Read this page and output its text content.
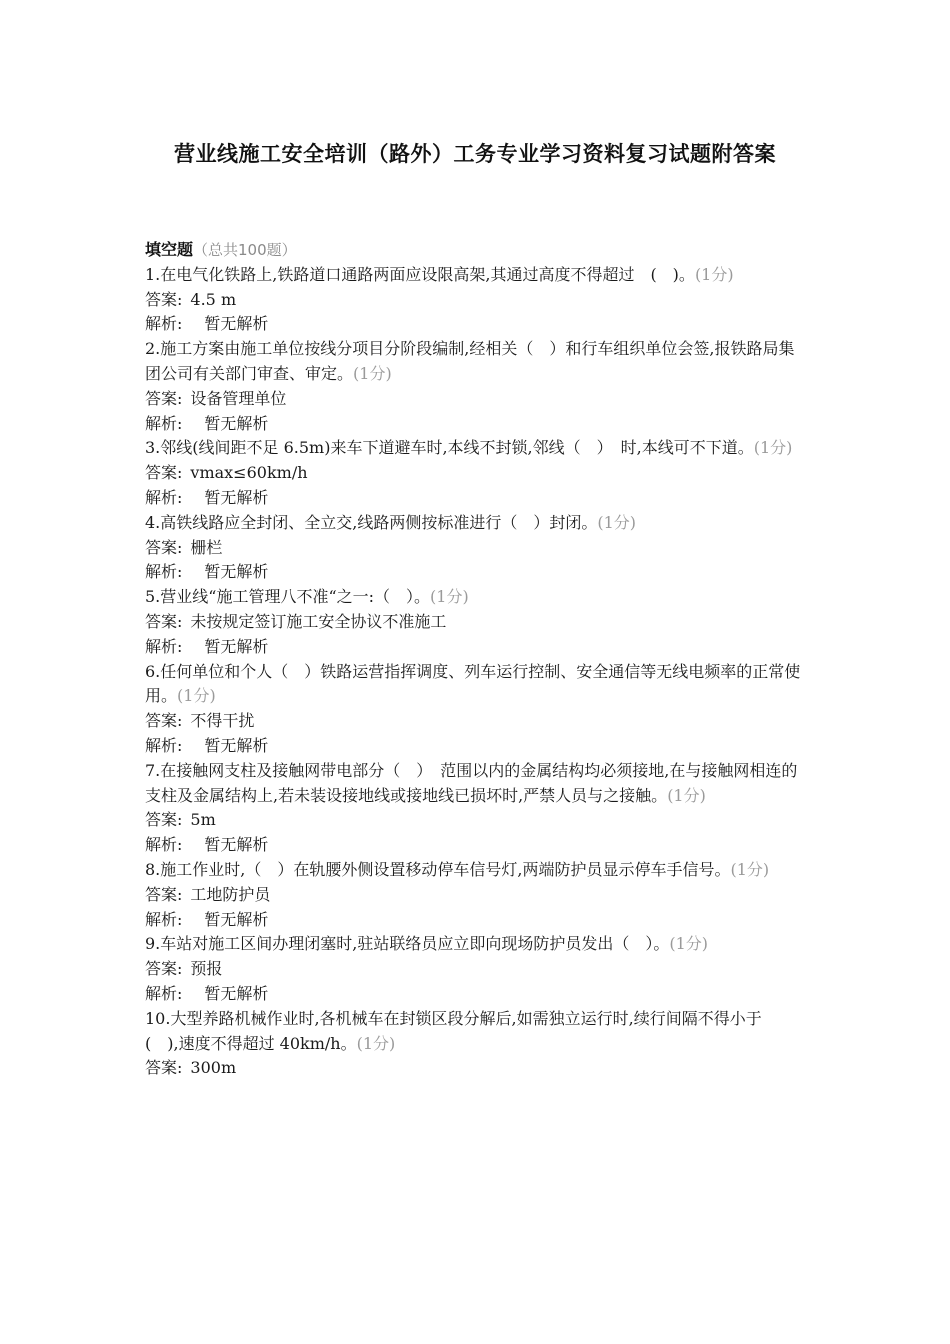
营业线施工安全培训（路外）工务专业学习资料复习试题附答案
填空题（总共100题）
1.在电气化铁路上,铁路道口通路两面应设限高架,其通过高度不得超过　(　)。(1分)
答案: 4.5 m
解析: 暂无解析
2.施工方案由施工单位按线分项目分阶段编制,经相关（　）和行车组织单位会签,报铁路局集团公司有关部门审查、审定。(1分)
答案: 设备管理单位
解析: 暂无解析
3.邻线(线间距不足 6.5m)来车下道避车时,本线不封锁,邻线（　）　时,本线可不下道。(1分)
答案: vmax≤60km/h
解析: 暂无解析
4.高铁线路应全封闭、全立交,线路两侧按标准进行（　）封闭。(1分)
答案: 栅栏
解析: 暂无解析
5.营业线“施工管理八不准“之一:（　）。(1分)
答案: 未按规定签订施工安全协议不准施工
解析: 暂无解析
6.任何单位和个人（　）铁路运营指挥调度、列车运行控制、安全通信等无线电频率的正常使用。(1分)
答案: 不得干扰
解析: 暂无解析
7.在接触网支柱及接触网带电部分（　）　范围以内的金属结构均必须接地,在与接触网相连的支柱及金属结构上,若未装设接地线或接地线已损坏时,严禁人员与之接触。(1分)
答案: 5m
解析: 暂无解析
8.施工作业时,（　）在轨腰外侧设置移动停车信号灯,两端防护员显示停车手信号。(1分)
答案: 工地防护员
解析: 暂无解析
9.车站对施工区间办理闭塞时,驻站联络员应立即向现场防护员发出（　）。(1分)
答案: 预报
解析: 暂无解析
10.大型养路机械作业时,各机械车在封锁区段分解后,如需独立运行时,续行间隔不得小于　(　),速度不得超过 40km/h。(1分)
答案: 300m
